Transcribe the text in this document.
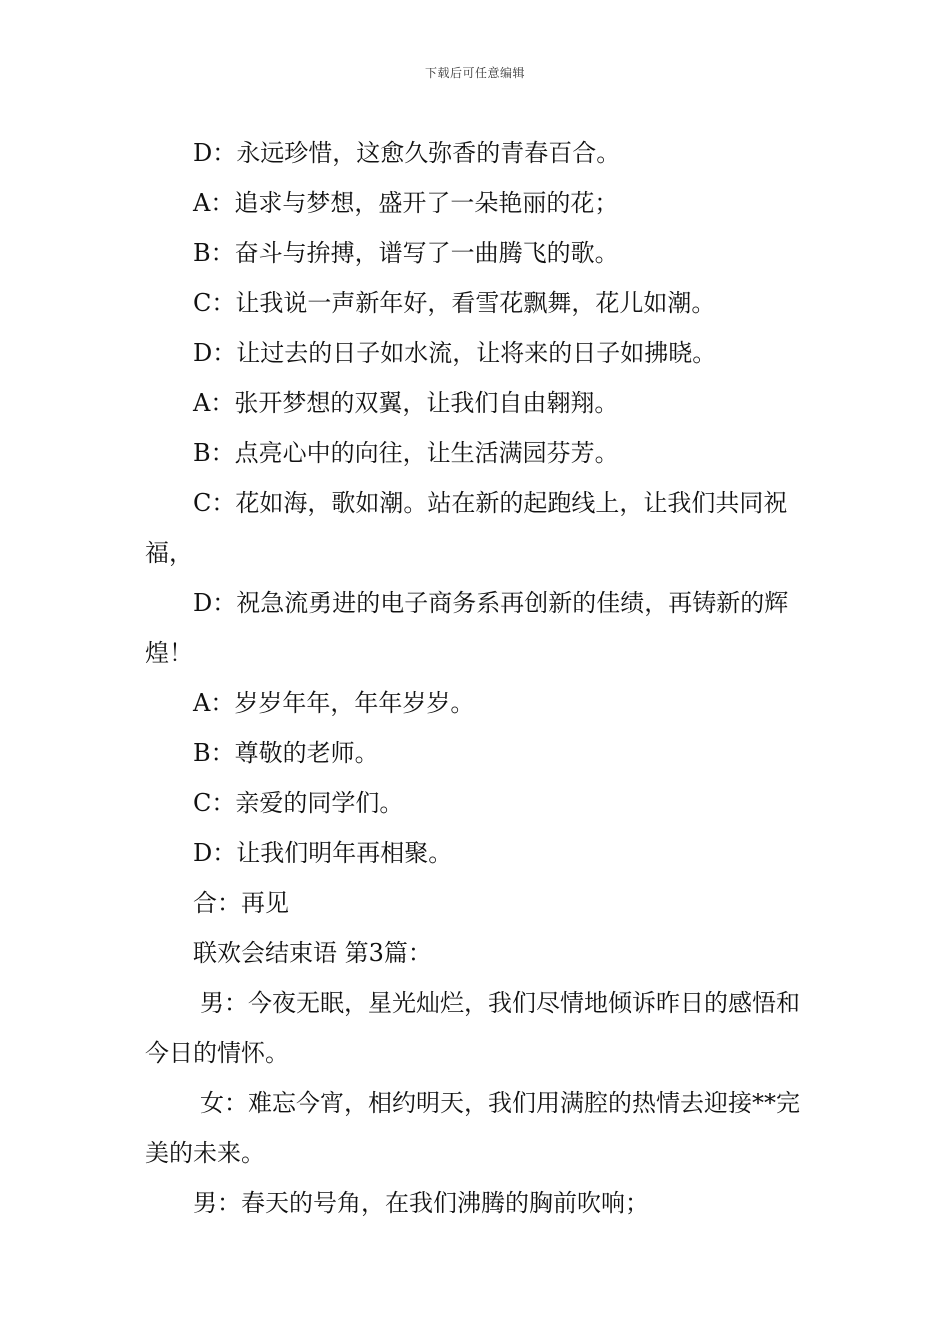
下载后可任意编辑

D：永远珍惜，这愈久弥香的青春百合。

A：追求与梦想，盛开了一朵艳丽的花；

B：奋斗与拚搏，谱写了一曲腾飞的歌。

C：让我说一声新年好，看雪花飘舞，花儿如潮。

D：让过去的日子如水流，让将来的日子如拂晓。

A：张开梦想的双翼，让我们自由翱翔。

B：点亮心中的向往，让生活满园芬芳。

C：花如海，歌如潮。站在新的起跑线上，让我们共同祝福，

D：祝急流勇进的电子商务系再创新的佳绩，再铸新的辉煌！

A：岁岁年年，年年岁岁。

B：尊敬的老师。

C：亲爱的同学们。

D：让我们明年再相聚。

合：再见

联欢会结束语 第3篇：

男：今夜无眠，星光灿烂，我们尽情地倾诉昨日的感悟和今日的情怀。

女：难忘今宵，相约明天，我们用满腔的热情去迎接**完美的未来。

男：春天的号角，在我们沸腾的胸前吹响；
